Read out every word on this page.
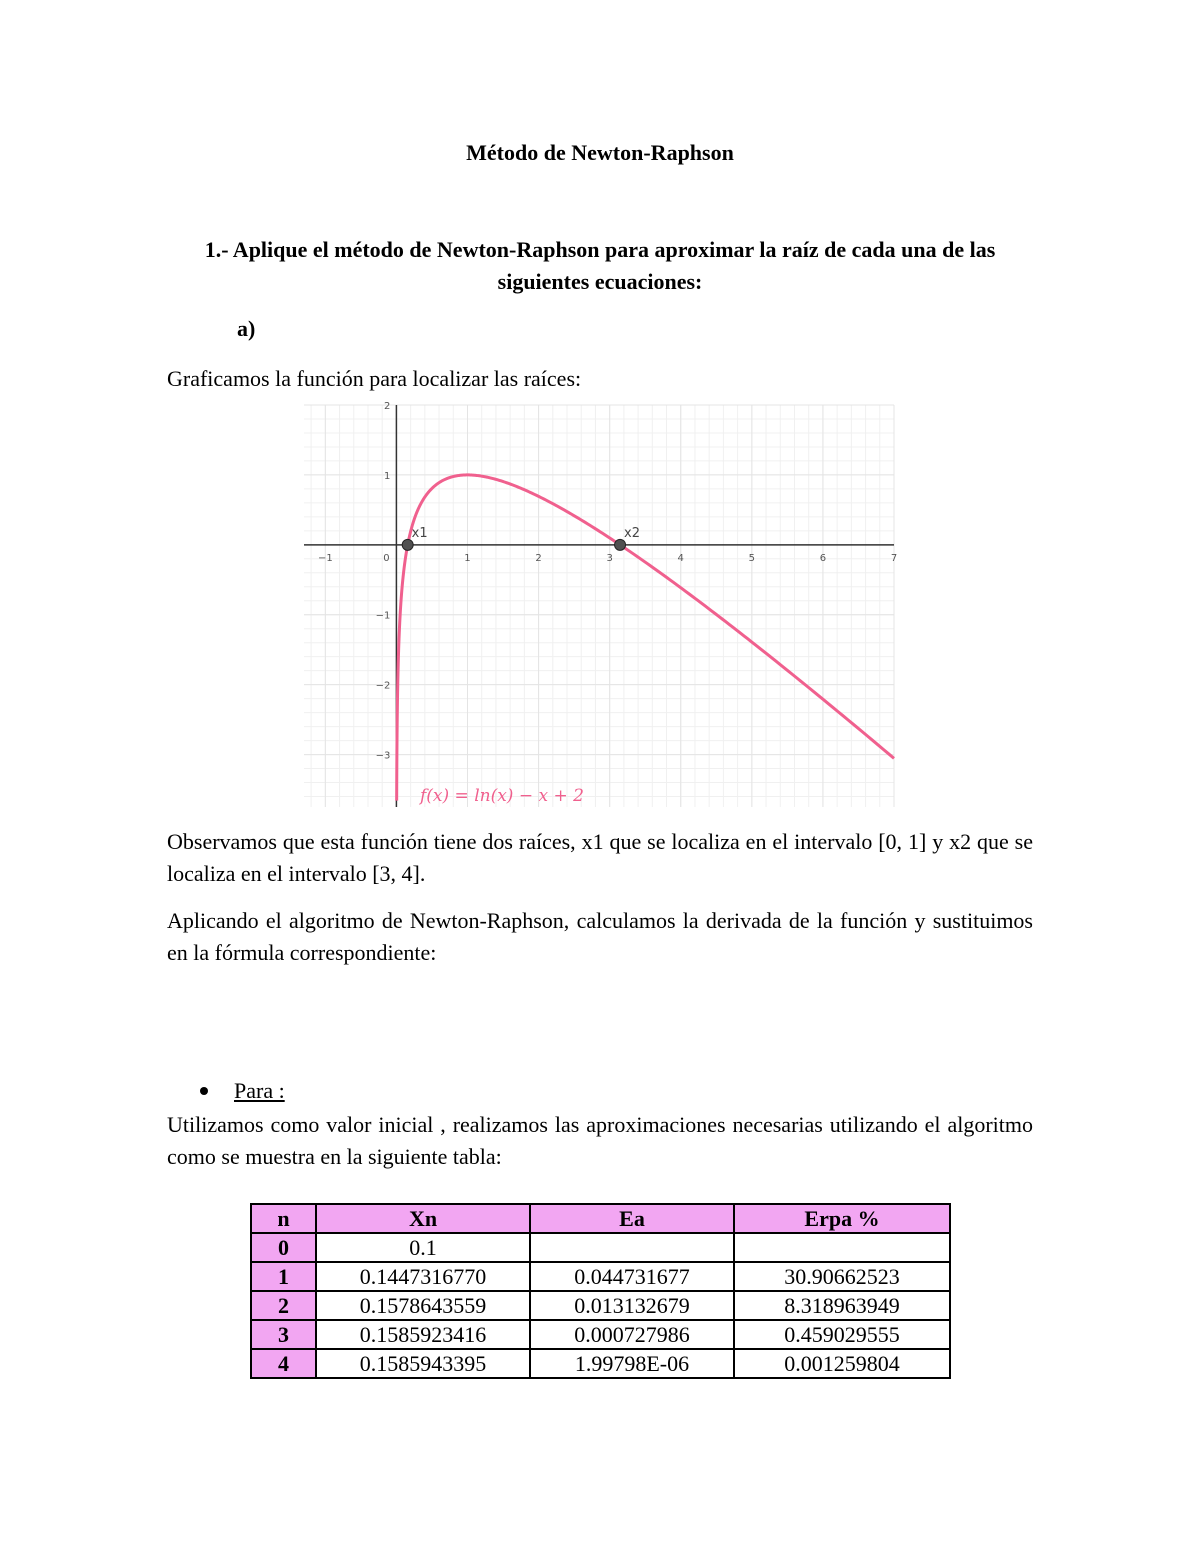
Método de Newton-Raphson
1.- Aplique el método de Newton-Raphson para aproximar la raíz de cada una de las siguientes ecuaciones:
a)
Graficamos la función para localizar las raíces:
−1	0	1	2	3	4	5	6	7
2
1
−1
−2
−3
x1	x2
f(x) = ln(x) − x + 2
Observamos que esta función tiene dos raíces, x1 que se localiza en el intervalo [0, 1] y x2 que se localiza en el intervalo [3, 4].
Aplicando el algoritmo de Newton-Raphson, calculamos la derivada de la función y sustituimos en la fórmula correspondiente:
Para :
Utilizamos como valor inicial , realizamos las aproximaciones necesarias utilizando el algoritmo como se muestra en la siguiente tabla:
n	Xn	Ea	Erpa %
0	0.1		
1	0.1447316770	0.044731677	30.90662523
2	0.1578643559	0.013132679	8.318963949
3	0.1585923416	0.000727986	0.459029555
4	0.1585943395	1.99798E-06	0.001259804
